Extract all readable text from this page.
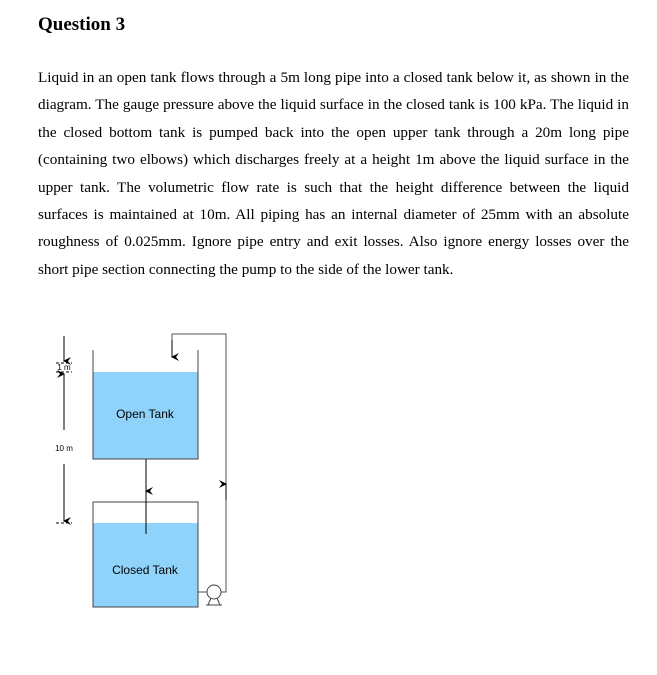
Question 3
Liquid in an open tank flows through a 5m long pipe into a closed tank below it, as shown in the diagram. The gauge pressure above the liquid surface in the closed tank is 100 kPa. The liquid in the closed bottom tank is pumped back into the open upper tank through a 20m long pipe (containing two elbows) which discharges freely at a height 1m above the liquid surface in the upper tank. The volumetric flow rate is such that the height difference between the liquid surfaces is maintained at 10m. All piping has an internal diameter of 25mm with an absolute roughness of 0.025mm. Ignore pipe entry and exit losses. Also ignore energy losses over the short pipe section connecting the pump to the side of the lower tank.
Open Tank
Closed Tank
1 m
10 m
